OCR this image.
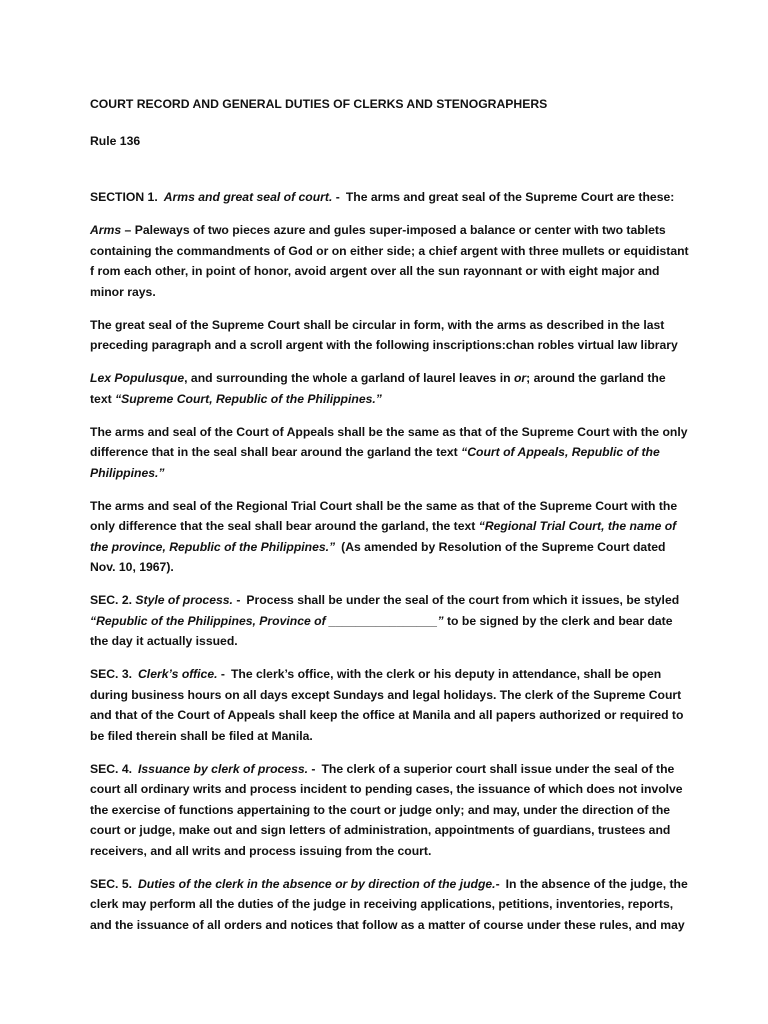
COURT RECORD AND GENERAL DUTIES OF CLERKS AND STENOGRAPHERS

Rule 136

SECTION 1. Arms and great seal of court. - The arms and great seal of the Supreme Court are these:

Arms – Paleways of two pieces azure and gules super-imposed a balance or center with two tablets containing the commandments of God or on either side; a chief argent with three mullets or equidistant f rom each other, in point of honor, avoid argent over all the sun rayonnant or with eight major and minor rays.

The great seal of the Supreme Court shall be circular in form, with the arms as described in the last preceding paragraph and a scroll argent with the following inscriptions:chan robles virtual law library

Lex Populusque, and surrounding the whole a garland of laurel leaves in or; around the garland the text “Supreme Court, Republic of the Philippines.”

The arms and seal of the Court of Appeals shall be the same as that of the Supreme Court with the only difference that in the seal shall bear around the garland the text “Court of Appeals, Republic of the Philippines.”

The arms and seal of the Regional Trial Court shall be the same as that of the Supreme Court with the only difference that the seal shall bear around the garland, the text “Regional Trial Court, the name of the province, Republic of the Philippines.” (As amended by Resolution of the Supreme Court dated Nov. 10, 1967).

SEC. 2. Style of process. - Process shall be under the seal of the court from which it issues, be styled “Republic of the Philippines, Province of ________________” to be signed by the clerk and bear date the day it actually issued.

SEC. 3. Clerk’s office. - The clerk’s office, with the clerk or his deputy in attendance, shall be open during business hours on all days except Sundays and legal holidays. The clerk of the Supreme Court and that of the Court of Appeals shall keep the office at Manila and all papers authorized or required to be filed therein shall be filed at Manila.

SEC. 4. Issuance by clerk of process. - The clerk of a superior court shall issue under the seal of the court all ordinary writs and process incident to pending cases, the issuance of which does not involve the exercise of functions appertaining to the court or judge only; and may, under the direction of the court or judge, make out and sign letters of administration, appointments of guardians, trustees and receivers, and all writs and process issuing from the court.

SEC. 5. Duties of the clerk in the absence or by direction of the judge.- In the absence of the judge, the clerk may perform all the duties of the judge in receiving applications, petitions, inventories, reports, and the issuance of all orders and notices that follow as a matter of course under these rules, and may
